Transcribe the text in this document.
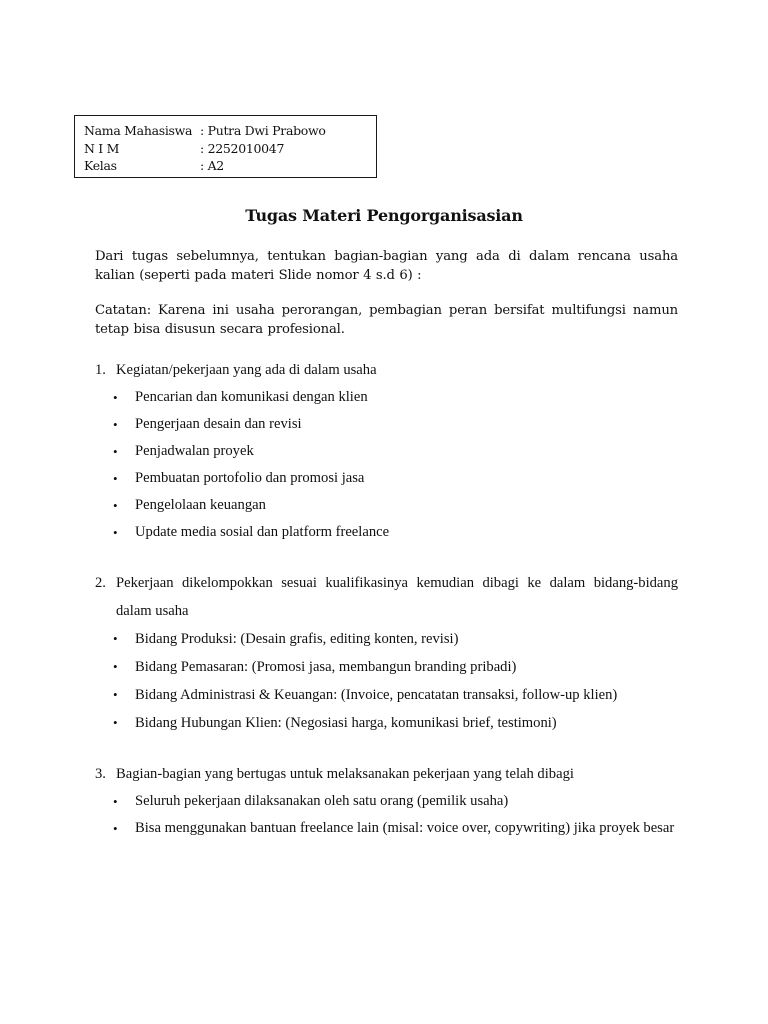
Nama Mahasiswa : Putra Dwi Prabowo
N I M	: 2252010047
Kelas	: A2
Tugas Materi Pengorganisasian
Dari tugas sebelumnya, tentukan bagian-bagian yang ada di dalam rencana usaha kalian (seperti pada materi Slide nomor 4 s.d 6) :
Catatan: Karena ini usaha perorangan, pembagian peran bersifat multifungsi namun tetap bisa disusun secara profesional.
1. Kegiatan/pekerjaan yang ada di dalam usaha
•	Pencarian dan komunikasi dengan klien
•	Pengerjaan desain dan revisi
•	Penjadwalan proyek
•	Pembuatan portofolio dan promosi jasa
•	Pengelolaan keuangan
•	Update media sosial dan platform freelance
2. Pekerjaan dikelompokkan sesuai kualifikasinya kemudian dibagi ke dalam bidang-bidang dalam usaha
•	Bidang Produksi: (Desain grafis, editing konten, revisi)
•	Bidang Pemasaran: (Promosi jasa, membangun branding pribadi)
•	Bidang Administrasi & Keuangan: (Invoice, pencatatan transaksi, follow-up klien)
•	Bidang Hubungan Klien: (Negosiasi harga, komunikasi brief, testimoni)
3. Bagian-bagian yang bertugas untuk melaksanakan pekerjaan yang telah dibagi
•	Seluruh pekerjaan dilaksanakan oleh satu orang (pemilik usaha)
•	Bisa menggunakan bantuan freelance lain (misal: voice over, copywriting) jika proyek besar
